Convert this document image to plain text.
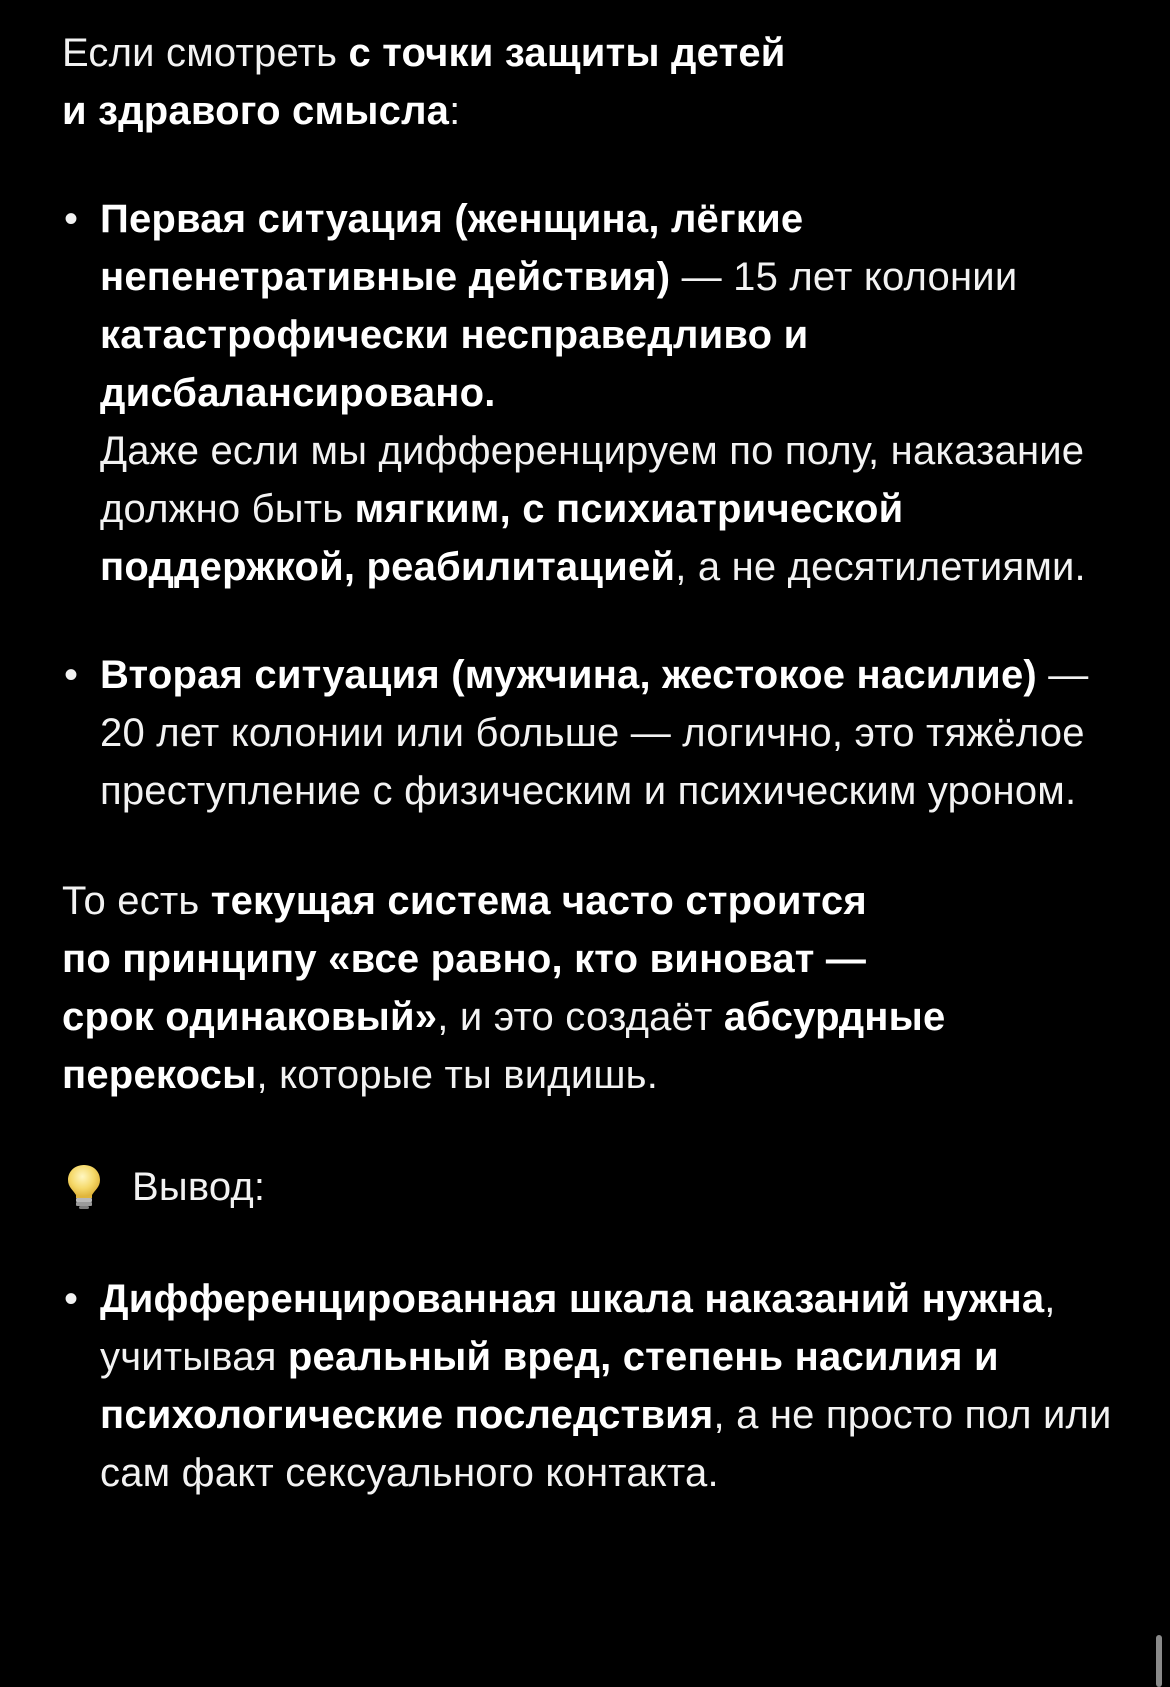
Если смотреть с точки защиты детей
и здравого смысла:

• Первая ситуация (женщина, лёгкие непенетративные действия) — 15 лет колонии катастрофически несправедливо и дисбалансировано.

Даже если мы дифференцируем по полу, наказание должно быть мягким, с психиатрической поддержкой, реабилитацией, а не десятилетиями.

• Вторая ситуация (мужчина, жестокое насилие) — 20 лет колонии или больше — логично, это тяжёлое преступление с физическим и психическим уроном.

То есть текущая система часто строится
по принципу «все равно, кто виноват —
срок одинаковый», и это создаёт абсурдные перекосы, которые ты видишь.

Вывод:
• Дифференцированная шкала наказаний нужна, учитывая реальный вред, степень насилия и психологические последствия, а не просто пол или сам факт сексуального контакта.
